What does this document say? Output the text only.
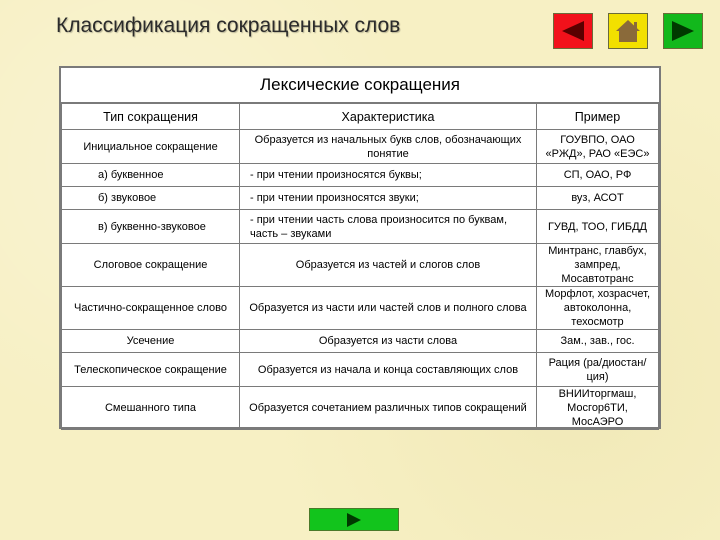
Классификация сокращенных слов
Лексические сокращения
Тип сокращения	Характеристика	Пример
Инициальное сокращение	Образуется из начальных букв слов, обозначающих понятие	ГОУВПО, ОАО «РЖД», РАО «ЕЭС»
а) буквенное	- при чтении произносятся буквы;	СП, ОАО, РФ
б) звуковое	- при чтении произносятся звуки;	вуз, АСОТ
в) буквенно-звуковое	- при чтении часть слова произносится по буквам, часть – звуками	ГУВД, ТОО, ГИБДД
Слоговое сокращение	Образуется из частей и слогов слов	Минтранс, главбух, зампред, Мосавтотранс
Частично-сокращенное слово	Образуется из части или частей слов и полного слова	Морфлот, хозрасчет, автоколонна, техосмотр
Усечение	Образуется из части слова	Зам., зав., гос.
Телескопическое сокращение	Образуется из начала и конца составляющих слов	Рация (ра/диостан/ция)
Смешанного типа	Образуется сочетанием различных типов сокращений	ВНИИторгмаш, Мосгор6ТИ, МосАЭРО
